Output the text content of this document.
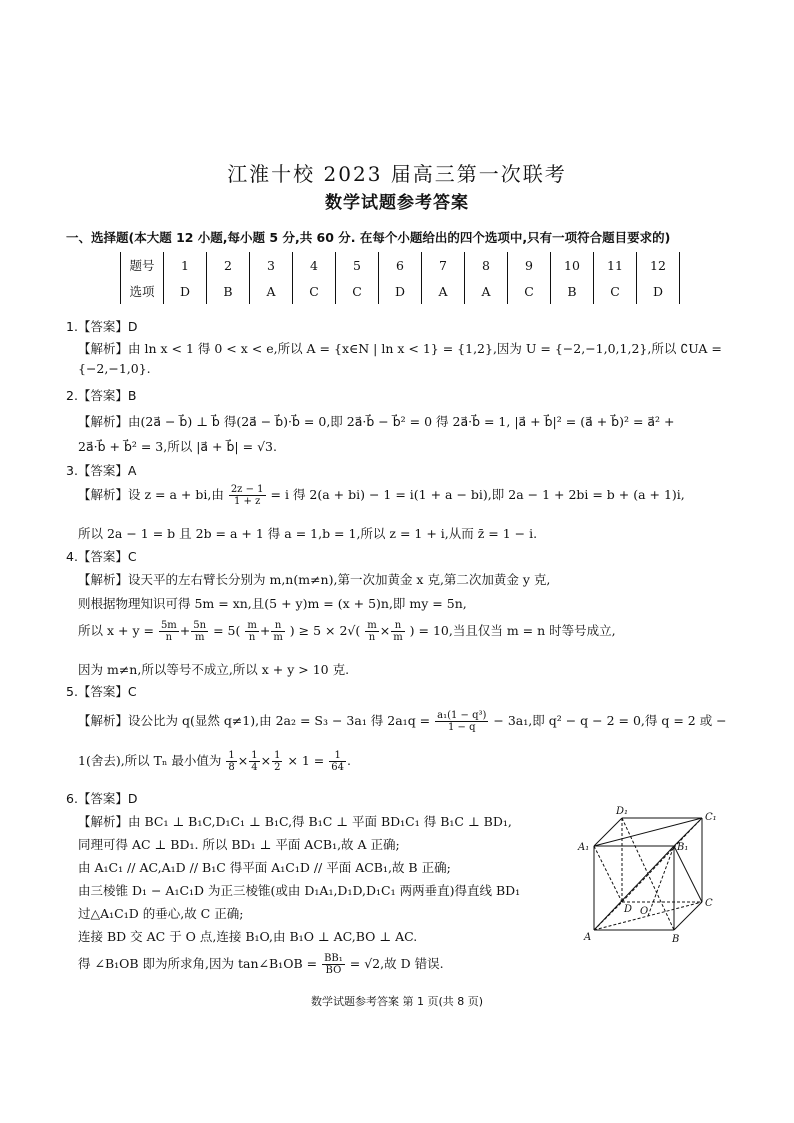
江淮十校 2023 届高三第一次联考
数学试题参考答案
一、选择题(本大题 12 小题,每小题 5 分,共 60 分. 在每个小题给出的四个选项中,只有一项符合题目要求的)
题号	1	2	3	4	5	6	7	8	9	10	11	12
选项	D	B	A	C	C	D	A	A	C	B	C	D
1.【答案】D
【解析】由 ln x < 1 得 0 < x < e,所以 A = {x∈N | ln x < 1} = {1,2},因为 U = {−2,−1,0,1,2},所以 ∁UA =
{−2,−1,0}.
2.【答案】B
【解析】由(2a⃗ − b⃗) ⊥ b⃗ 得(2a⃗ − b⃗)·b⃗ = 0,即 2a⃗·b⃗ − b⃗² = 0 得 2a⃗·b⃗ = 1, |a⃗ + b⃗|² = (a⃗ + b⃗)² = a⃗² +
2a⃗·b⃗ + b⃗² = 3,所以 |a⃗ + b⃗| = √3.
3.【答案】A
【解析】设 z = a + bi,由 $\frac{2z - 1}{1 + z} = i$ 得 2(a + bi) − 1 = i(1 + a − bi),即 2a − 1 + 2bi = b + (a + 1)i,
所以 2a − 1 = b 且 2b = a + 1 得 a = 1,b = 1,所以 z = 1 + i,从而 z̄ = 1 − i.
4.【答案】C
【解析】设天平的左右臂长分别为 m,n(m≠n),第一次加黄金 x 克,第二次加黄金 y 克,
则根据物理知识可得 5m = xn,且(5 + y)m = (x + 5)n,即 my = 5n,
所以 $x + y = \frac{5m}{n} + \frac{5n}{m} = 5( \frac{m}{n} + \frac{n}{m}$ ) ≥ $5 \times 2√( \frac{m}{n} \times \frac{n}{m}$ ) = 10,当且仅当 m = n 时等号成立,
因为 m≠n,所以等号不成立,所以 x + y > 10 克.
5.【答案】C
【解析】设公比为 q(显然 q≠1),由 2a₂ = S₃ − 3a₁ 得 $2a_1q = \frac{\text{a₁(1 − q³)}}{1 - q} - 3a_1$,即 q² − q − 2 = 0,得 q = 2 或 −
1(舍去),所以 Tₙ 最小值为 $\frac{1}{8} \times \frac{1}{4} \times \frac{1}{2} \times 1 = \frac{1}{64}$ .
6.【答案】D
【解析】由 BC₁ ⊥ B₁C,D₁C₁ ⊥ B₁C,得 B₁C ⊥ 平面 BD₁C₁ 得 B₁C ⊥ BD₁,
同理可得 AC ⊥ BD₁. 所以 BD₁ ⊥ 平面 ACB₁,故 A 正确;
由 A₁C₁ // AC,A₁D // B₁C 得平面 A₁C₁D // 平面 ACB₁,故 B 正确;
由三棱锥 D₁ − A₁C₁D 为正三棱锥(或由 D₁A₁,D₁D,D₁C₁ 两两垂直)得直线 BD₁
过△A₁C₁D 的垂心,故 C 正确;
连接 BD 交 AC 于 O 点,连接 B₁O,由 B₁O ⊥ AC,BO ⊥ AC.
得 ∠B₁OB 即为所求角,因为 tan∠B₁OB = $\frac{\text{BB₁}}{BO} = √2$,故 D 错误.
D₁
C₁
A₁	B₁
D O
C
A	B
数学试题参考答案 第 1 页(共 8 页)
